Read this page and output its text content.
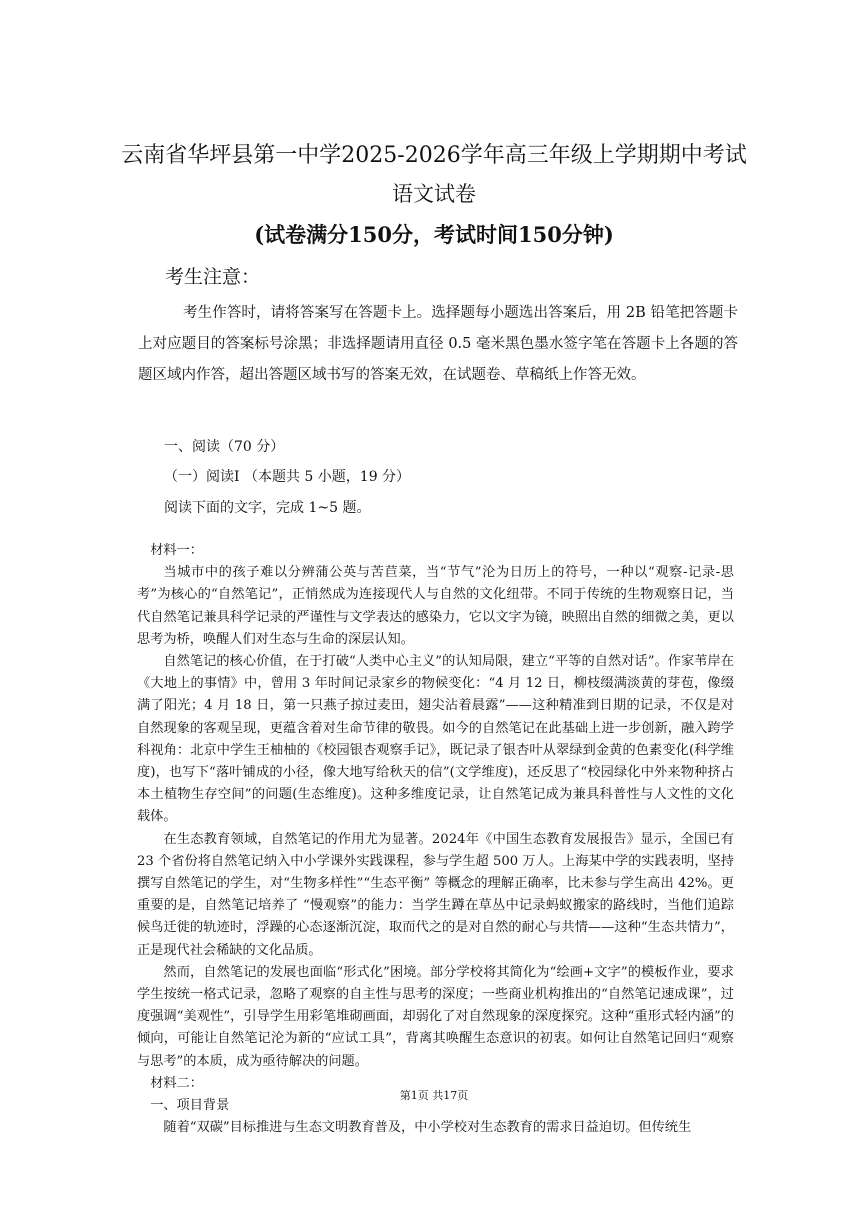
云南省华坪县第一中学2025-2026学年高三年级上学期期中考试
语文试卷
(试卷满分150分，考试时间150分钟)
考生注意：
考生作答时，请将答案写在答题卡上。选择题每小题选出答案后，用 2B 铅笔把答题卡上对应题目的答案标号涂黑；非选择题请用直径 0.5 毫米黑色墨水签字笔在答题卡上各题的答题区域内作答，超出答题区域书写的答案无效，在试题卷、草稿纸上作答无效。
一、阅读（70 分）
（一）阅读Ⅰ （本题共 5 小题，19 分）
阅读下面的文字，完成 1~5 题。

材料一：

当城市中的孩子难以分辨蒲公英与苦苣菜，当“节气”沦为日历上的符号，一种以“观察-记录-思考”为核心的“自然笔记”，正悄然成为连接现代人与自然的文化纽带。不同于传统的生物观察日记，当代自然笔记兼具科学记录的严谨性与文学表达的感染力，它以文字为镜，映照出自然的细微之美，更以思考为桥，唤醒人们对生态与生命的深层认知。

自然笔记的核心价值，在于打破“人类中心主义”的认知局限，建立“平等的自然对话”。作家苇岸在《大地上的事情》中，曾用 3 年时间记录家乡的物候变化：“4 月 12 日，柳枝缀满淡黄的芽苞，像缀满了阳光；4 月 18 日，第一只燕子掠过麦田，翅尖沾着晨露”——这种精准到日期的记录，不仅是对自然现象的客观呈现，更蕴含着对生命节律的敬畏。如今的自然笔记在此基础上进一步创新，融入跨学科视角：北京中学生王柚柚的《校园银杏观察手记》，既记录了银杏叶从翠绿到金黄的色素变化(科学维度)，也写下“落叶铺成的小径，像大地写给秋天的信”(文学维度)，还反思了“校园绿化中外来物种挤占本土植物生存空间”的问题(生态维度)。这种多维度记录，让自然笔记成为兼具科普性与人文性的文化载体。

在生态教育领域，自然笔记的作用尤为显著。2024年《中国生态教育发展报告》显示，全国已有 23 个省份将自然笔记纳入中小学课外实践课程，参与学生超 500 万人。上海某中学的实践表明，坚持撰写自然笔记的学生，对“生物多样性”“生态平衡” 等概念的理解正确率，比未参与学生高出 42%。更重要的是，自然笔记培养了 “慢观察”的能力：当学生蹲在草丛中记录蚂蚁搬家的路线时，当他们追踪候鸟迁徙的轨迹时，浮躁的心态逐渐沉淀，取而代之的是对自然的耐心与共情——这种“生态共情力”，正是现代社会稀缺的文化品质。

然而，自然笔记的发展也面临“形式化”困境。部分学校将其简化为“绘画+文字”的模板作业，要求学生按统一格式记录，忽略了观察的自主性与思考的深度；一些商业机构推出的“自然笔记速成课”，过度强调“美观性”，引导学生用彩笔堆砌画面，却弱化了对自然现象的深度探究。这种“重形式轻内涵”的倾向，可能让自然笔记沦为新的“应试工具”，背离其唤醒生态意识的初衷。如何让自然笔记回归“观察与思考”的本质，成为亟待解决的问题。

材料二：

一、项目背景

随着“双碳”目标推进与生态文明教育普及，中小学校对生态教育的需求日益迫切。但传统生

第1页 共17页
